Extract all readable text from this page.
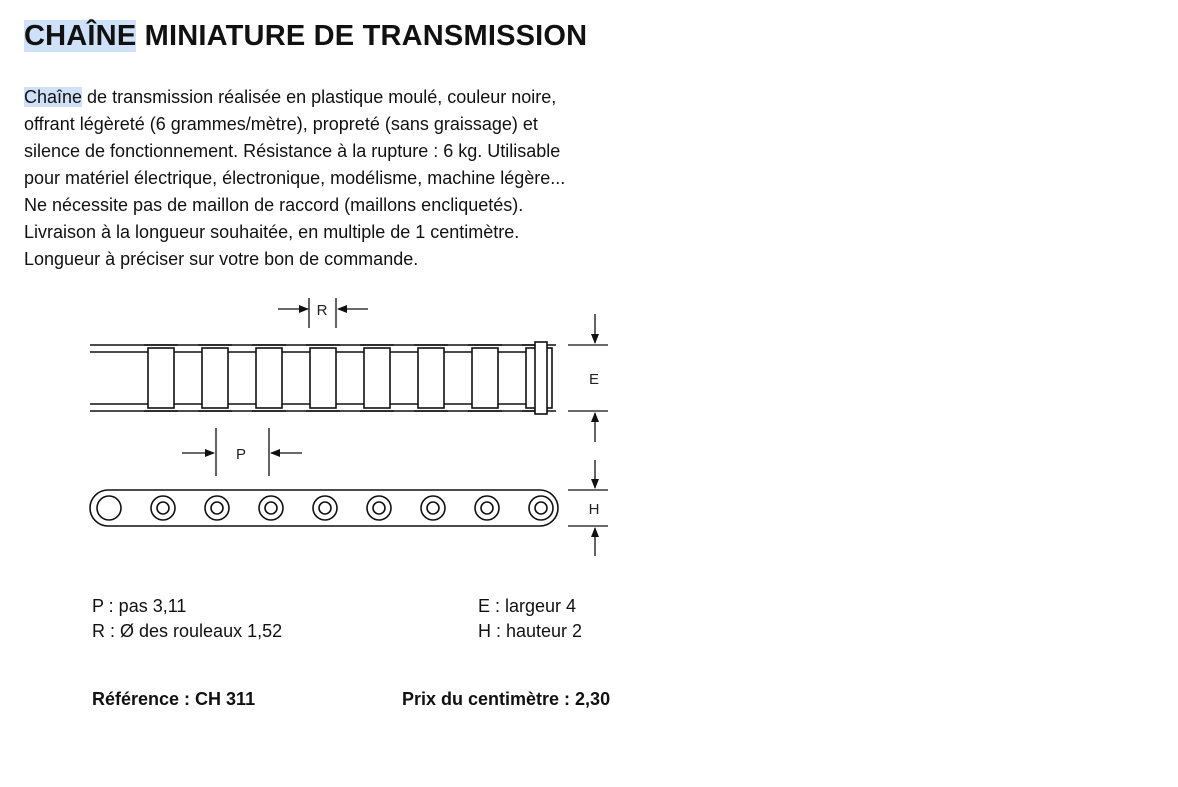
CHAÎNE MINIATURE DE TRANSMISSION
Chaîne de transmission réalisée en plastique moulé, couleur noire,
offrant légèreté (6 grammes/mètre), propreté (sans graissage) et
silence de fonctionnement. Résistance à la rupture : 6 kg. Utilisable
pour matériel électrique, électronique, modélisme, machine légère...
Ne nécessite pas de maillon de raccord (maillons encliquetés).
Livraison à la longueur souhaitée, en multiple de 1 centimètre.
Longueur à préciser sur votre bon de commande.
R
E
P
H
P : pas 3,11
R : Ø des rouleaux 1,52
E : largeur 4
H : hauteur 2
Référence : CH 311	Prix du centimètre : 2,30
